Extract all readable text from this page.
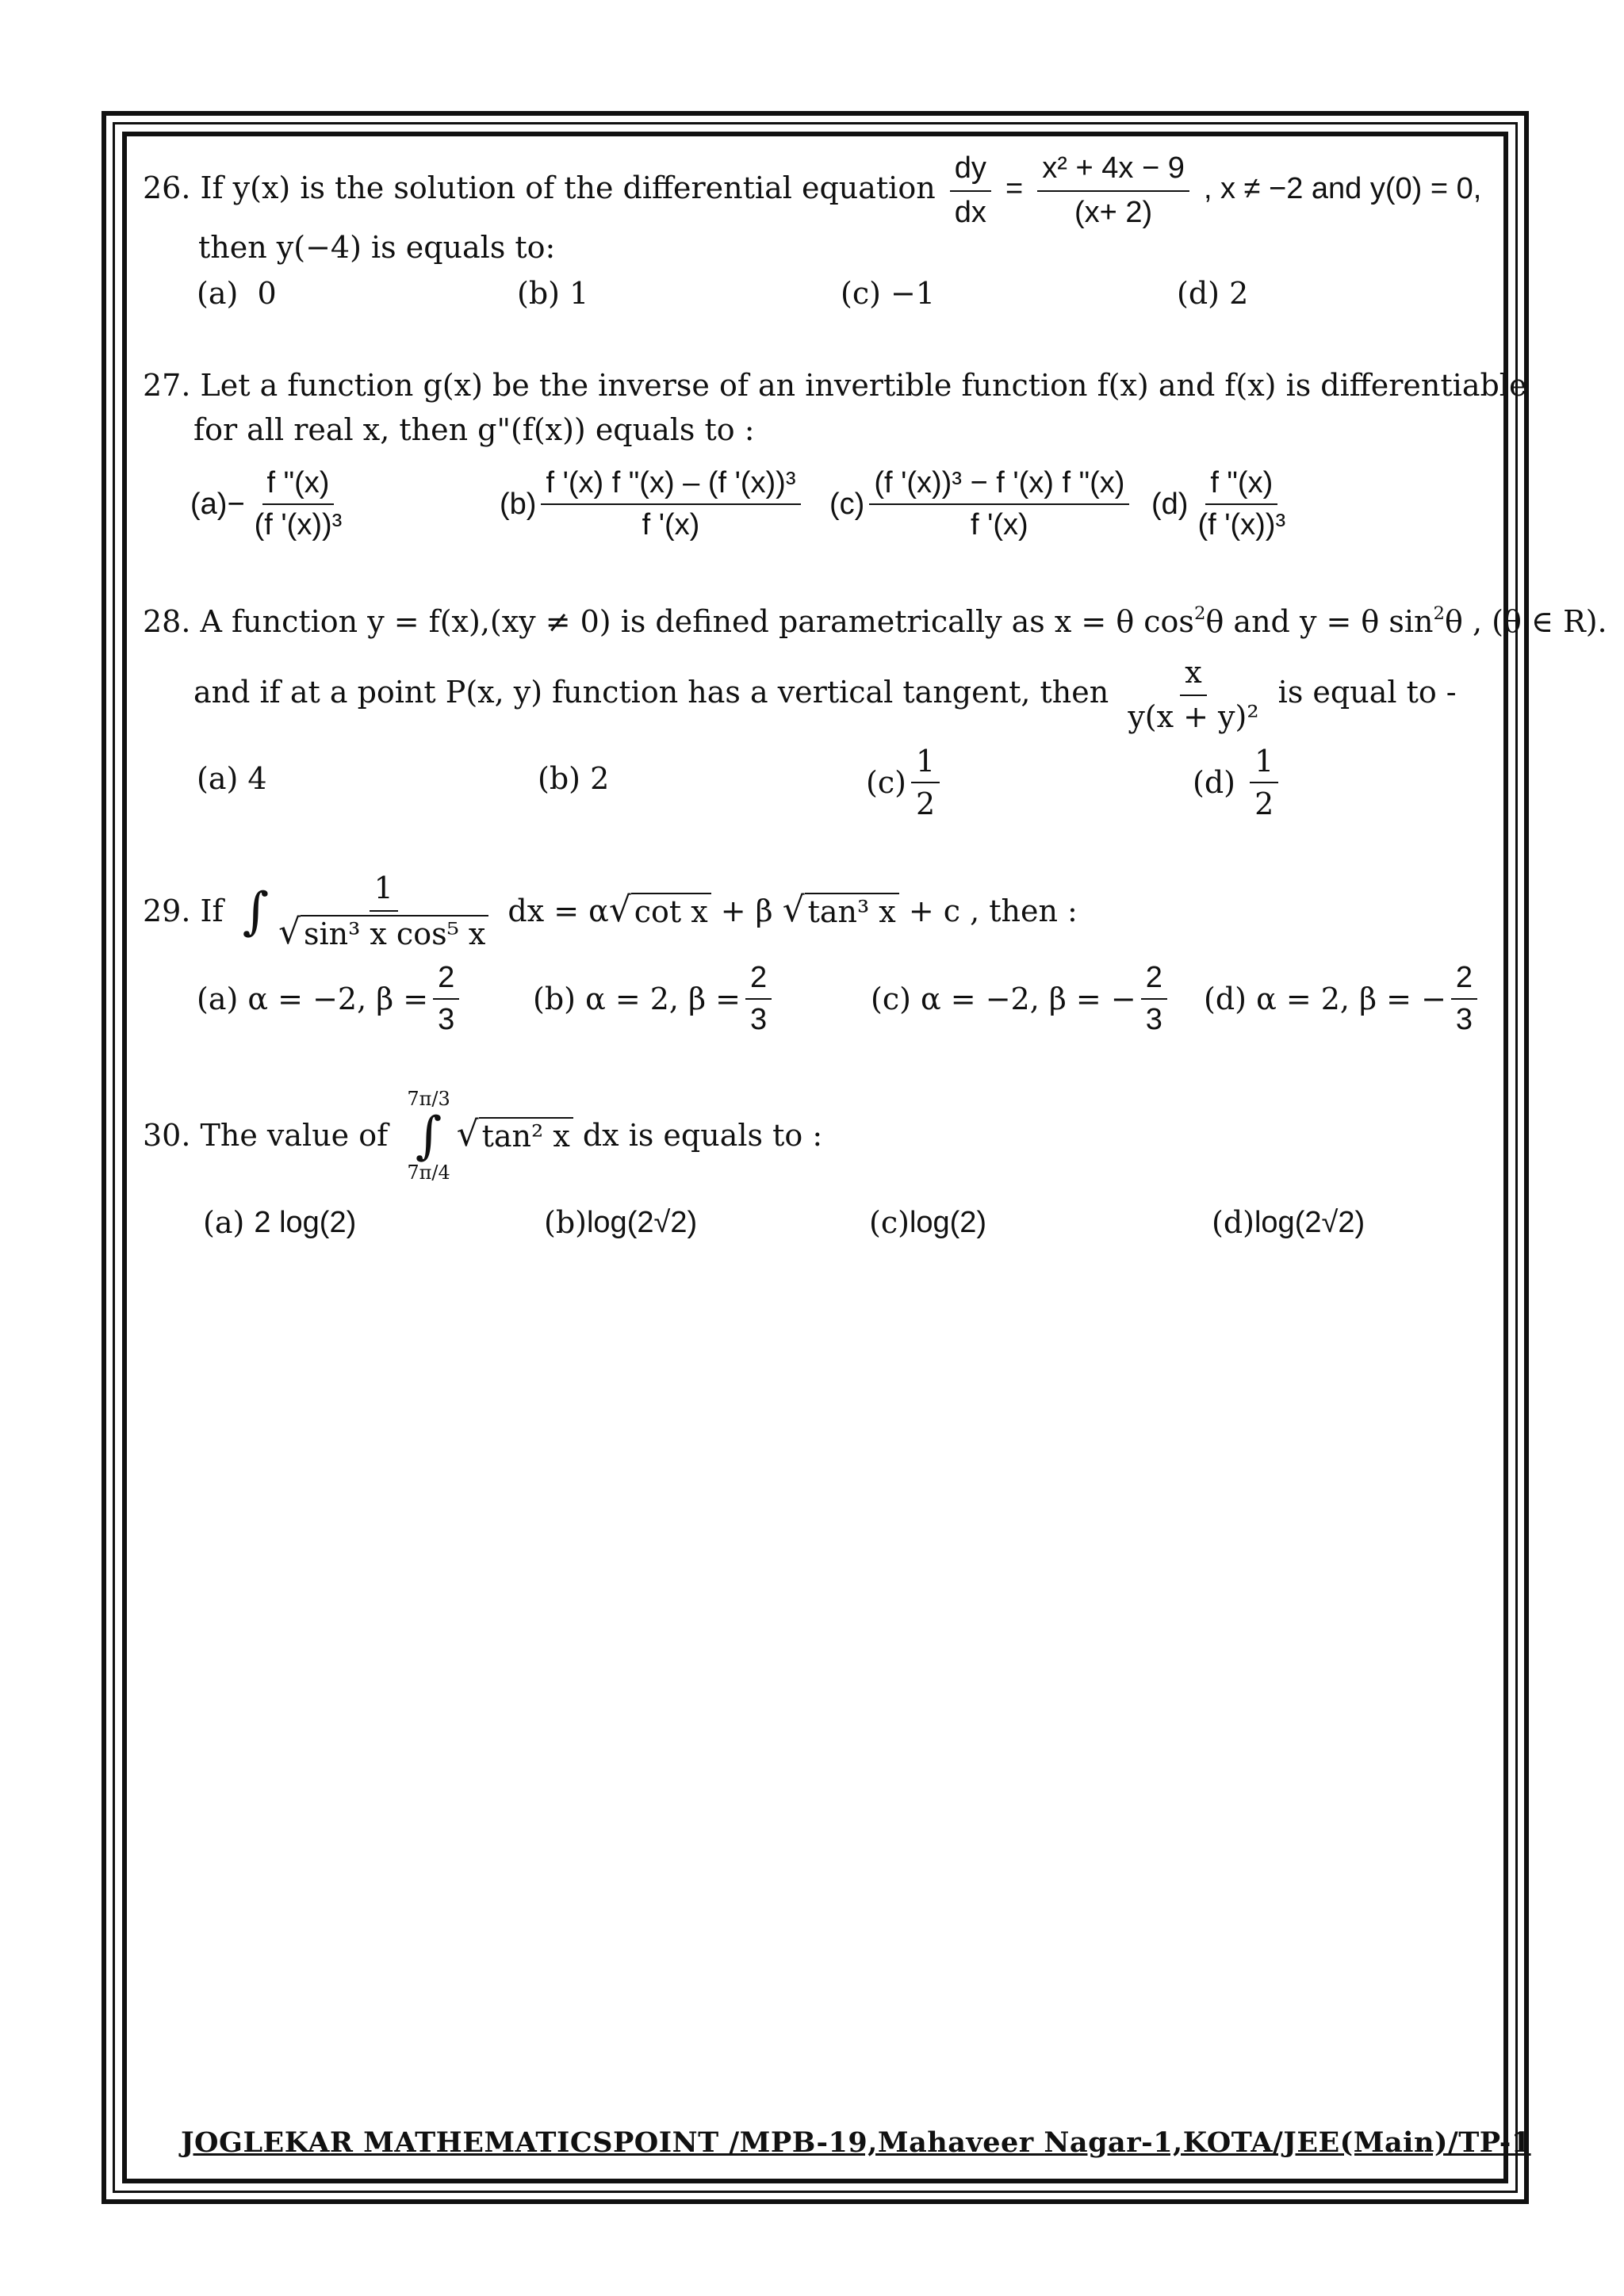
26. If y(x) is the solution of the differential equation $\frac{dy}{dx} = \frac{\text{x² + 4x − 9}}{(x+ 2)}$ , x ≠ −2 and y(0) = 0,
then y(−4) is equals to:
(a)
0	(b)
1	(c)
−1	(d)
2
27. Let a function g(x) be the inverse of an invertible function f(x) and f(x) is differentiable
for all real x, then g"(f(x)) equals to :
$(a) - \frac{f "(x)}{\text{(f '(x))³}}$	$(b) \frac{\text{f '(x) f "(x) – (f '(x))³}}{f '(x)} (c) \frac{\text{(f '(x))³ − f '(x) f "(x)}}{f '(x)} (d) \frac{f "(x)}{\text{(f '(x))³}}$
28. A function y = f(x),(xy ≠ 0) is defined parametrically as x = θ $\cos^2\theta$ and y = θ $\sin^2\theta$ , (θ ∈ R).
and if at a point P(x, y) function has a vertical tangent, then $\frac{x}{\text{y(x + y)²}}$ is equal to -
(a)
4	(b)
2	$(c) \frac{1}{2}$	(d)
$\frac{1}{2}$
29.
If
∫ $\frac{1}{\text{√ sin³ x cos⁵ x}}$
dx = α √ cot x
+ β
√ tan³ x
+ c , then :
(a)
α = −2, $\beta = \frac{2}{3} (b)$
α = 2, $\beta = \frac{2}{3}$	(c)
α = −2, β =
− $\frac{2}{3} (d)$
α = 2, β =
− $\frac{2}{3}$
30.
The value of

7π/3
∫
7π/4
√ tan² x
dx is equals to :
(a)
2 log(2)	(b) log(2√2)	(c) log(2)	(d) log(2√2)
JOGLEKAR MATHEMATICSPOINT /MPB-19,Mahaveer Nagar-1,KOTA/JEE(Main)/TP-1
